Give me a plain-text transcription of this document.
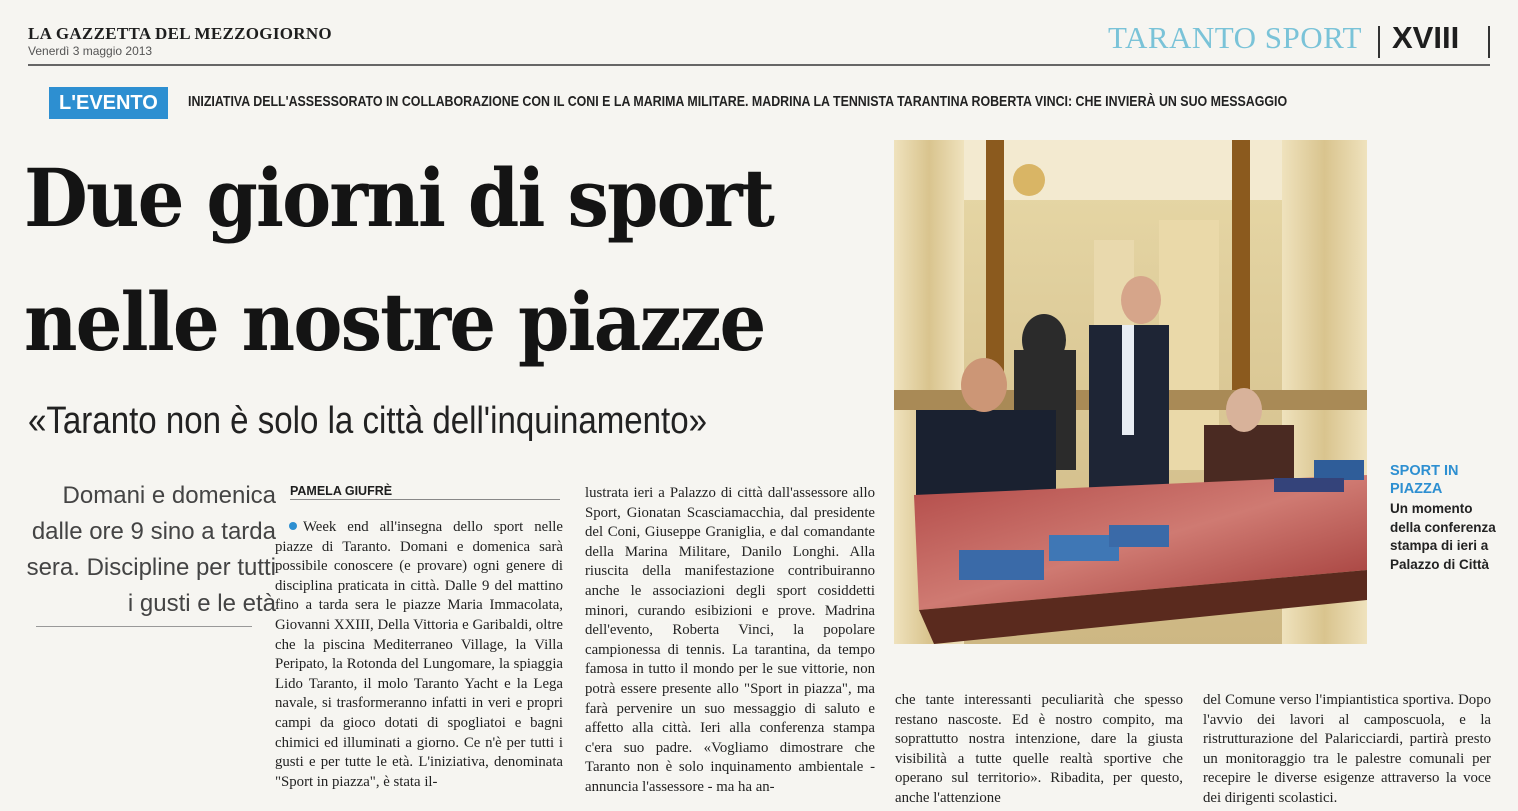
LA GAZZETTA DEL MEZZOGIORNO
Venerdì 3 maggio 2013	TARANTO SPORT XVIII
L'EVENTO	INIZIATIVA DELL'ASSESSORATO IN COLLABORAZIONE CON IL CONI E LA MARIMA MILITARE. MADRINA LA TENNISTA TARANTINA ROBERTA VINCI: CHE INVIERÀ UN SUO MESSAGGIO
Due giorni di sport
nelle nostre piazze
«Taranto non è solo la città dell'inquinamento»
Domani e domenica dalle ore 9 sino a tarda sera. Discipline per tutti i gusti e le età
PAMELA GIUFRÈ

Week end all'insegna dello sport nelle piazze di Taranto. Domani e domenica sarà possibile conoscere (e provare) ogni genere di disciplina praticata in città. Dalle 9 del mattino fino a tarda sera le piazze Maria Immacolata, Giovanni XXIII, Della Vittoria e Garibaldi, oltre che la piscina Mediterraneo Village, la Villa Peripato, la Rotonda del Lungomare, la spiaggia Lido Taranto, il molo Taranto Yacht e la Lega navale, si trasformeranno infatti in veri e propri campi da gioco dotati di spogliatoi e bagni chimici ed illuminati a giorno. Ce n'è per tutti i gusti e per tutte le età. L'iniziativa, denominata "Sport in piazza", è stata il-

lustrata ieri a Palazzo di città dall'assessore allo Sport, Gionatan Scasciamacchia, dal presidente del Coni, Giuseppe Graniglia, e dal comandante della Marina Militare, Danilo Longhi. Alla riuscita della manifestazione contribuiranno anche le associazioni degli sport cosiddetti minori, curando esibizioni e prove. Madrina dell'evento, Roberta Vinci, la popolare campionessa di tennis. La tarantina, da tempo famosa in tutto il mondo per le sue vittorie, non potrà essere presente allo "Sport in piazza", ma farà pervenire un suo messaggio di saluto e affetto alla città. Ieri alla conferenza stampa c'era suo padre. «Vogliamo dimostrare che Taranto non è solo inquinamento ambientale - annuncia l'assessore - ma ha an-

che tante interessanti peculiarità che spesso restano nascoste. Ed è nostro compito, ma soprattutto nostra intenzione, dare la giusta visibilità a tutte quelle realtà sportive che operano sul territorio». Ribadita, per questo, anche l'attenzione

del Comune verso l'impiantistica sportiva. Dopo l'avvio dei lavori al camposcuola, e la ristrutturazione del Palaricciardi, partirà presto un monitoraggio tra le palestre comunali per recepire le diverse esigenze attraverso la voce dei dirigenti scolastici.

SPORT IN PIAZZA
Un momento della conferenza stampa di ieri a Palazzo di Città
